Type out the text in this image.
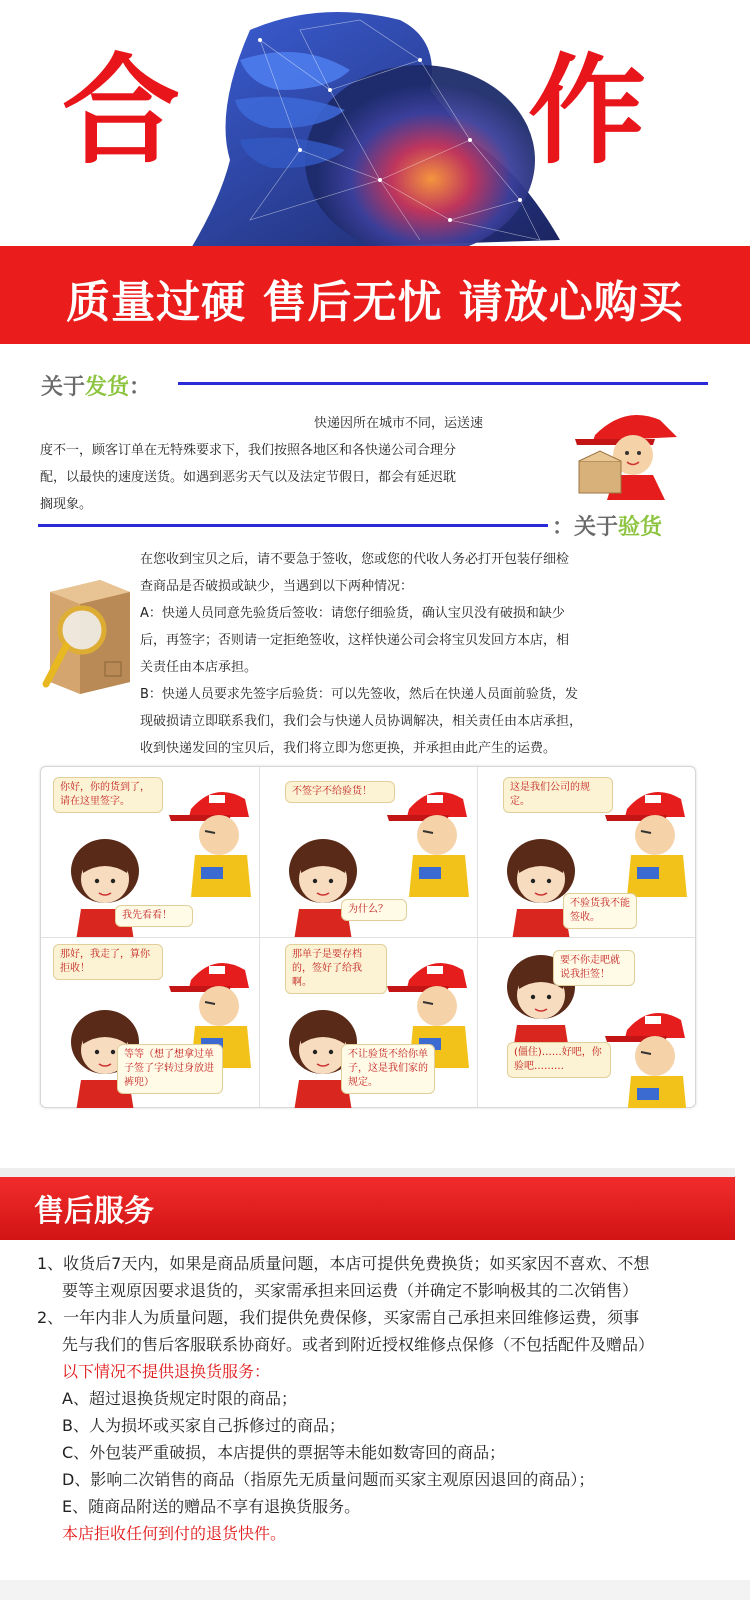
合	作
质量过硬 售后无忧 请放心购买
关于发货：
快递因所在城市不同，运送速
度不一，顾客订单在无特殊要求下，我们按照各地区和各快递公司合理分
配，以最快的速度送货。如遇到恶劣天气以及法定节假日，都会有延迟耽
搁现象。
：关于验货
在您收到宝贝之后，请不要急于签收，您或您的代收人务必打开包装仔细检
查商品是否破损或缺少，当遇到以下两种情况：
A：快递人员同意先验货后签收：请您仔细验货，确认宝贝没有破损和缺少
后，再签字；否则请一定拒绝签收，这样快递公司会将宝贝发回方本店，相
关责任由本店承担。
B：快递人员要求先签字后验货：可以先签收，然后在快递人员面前验货，发
现破损请立即联系我们，我们会与快递人员协调解决，相关责任由本店承担，
收到快递发回的宝贝后，我们将立即为您更换，并承担由此产生的运费。
你好，你的货到了，请在这里签字。
我先看看！
不签字不给验货！
为什么？
这是我们公司的规定。
不验货我不能签收。
那好，我走了，算你拒收！
等等（想了想拿过单子签了字转过身放进裤兜）
那单子是要存档的，签好了给我啊。
不让验货不给你单子，这是我们家的规定。
(僵住)……好吧，你验吧………
要不你走吧就说我拒签！
售后服务
1、收货后7天内，如果是商品质量问题，本店可提供免费换货；如买家因不喜欢、不想
要等主观原因要求退货的，买家需承担来回运费（并确定不影响极其的二次销售）
2、一年内非人为质量问题，我们提供免费保修，买家需自己承担来回维修运费，须事
先与我们的售后客服联系协商好。或者到附近授权维修点保修（不包括配件及赠品）
以下情况不提供退换货服务：
A、超过退换货规定时限的商品；
B、人为损坏或买家自己拆修过的商品；
C、外包装严重破损，本店提供的票据等未能如数寄回的商品；
D、影响二次销售的商品（指原先无质量问题而买家主观原因退回的商品）；
E、随商品附送的赠品不享有退换货服务。
本店拒收任何到付的退货快件。
